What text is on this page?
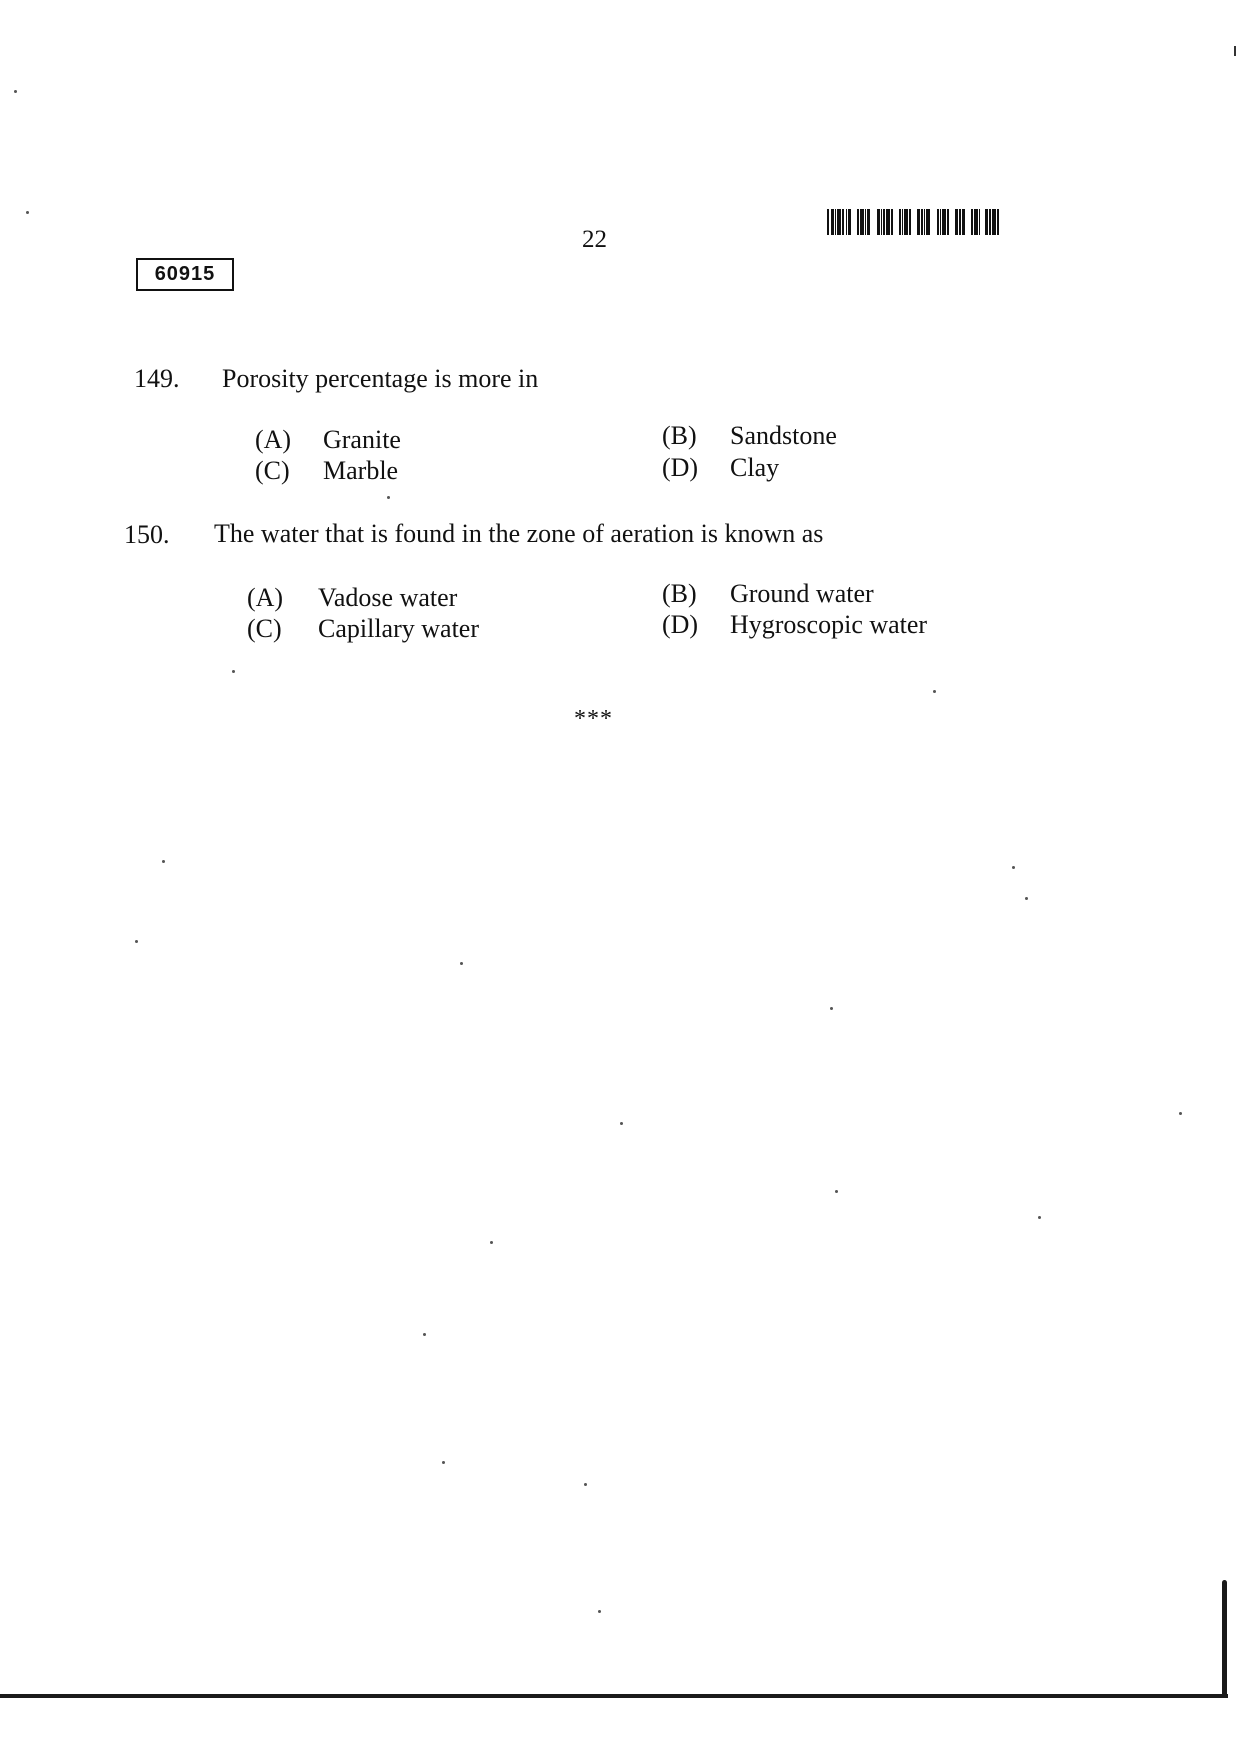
22
60915
149. Porosity percentage is more in
(A) Granite	(B) Sandstone
(C) Marble	(D) Clay
150. The water that is found in the zone of aeration is known as
(A) Vadose water	(B) Ground water
(C) Capillary water	(D) Hygroscopic water
***
